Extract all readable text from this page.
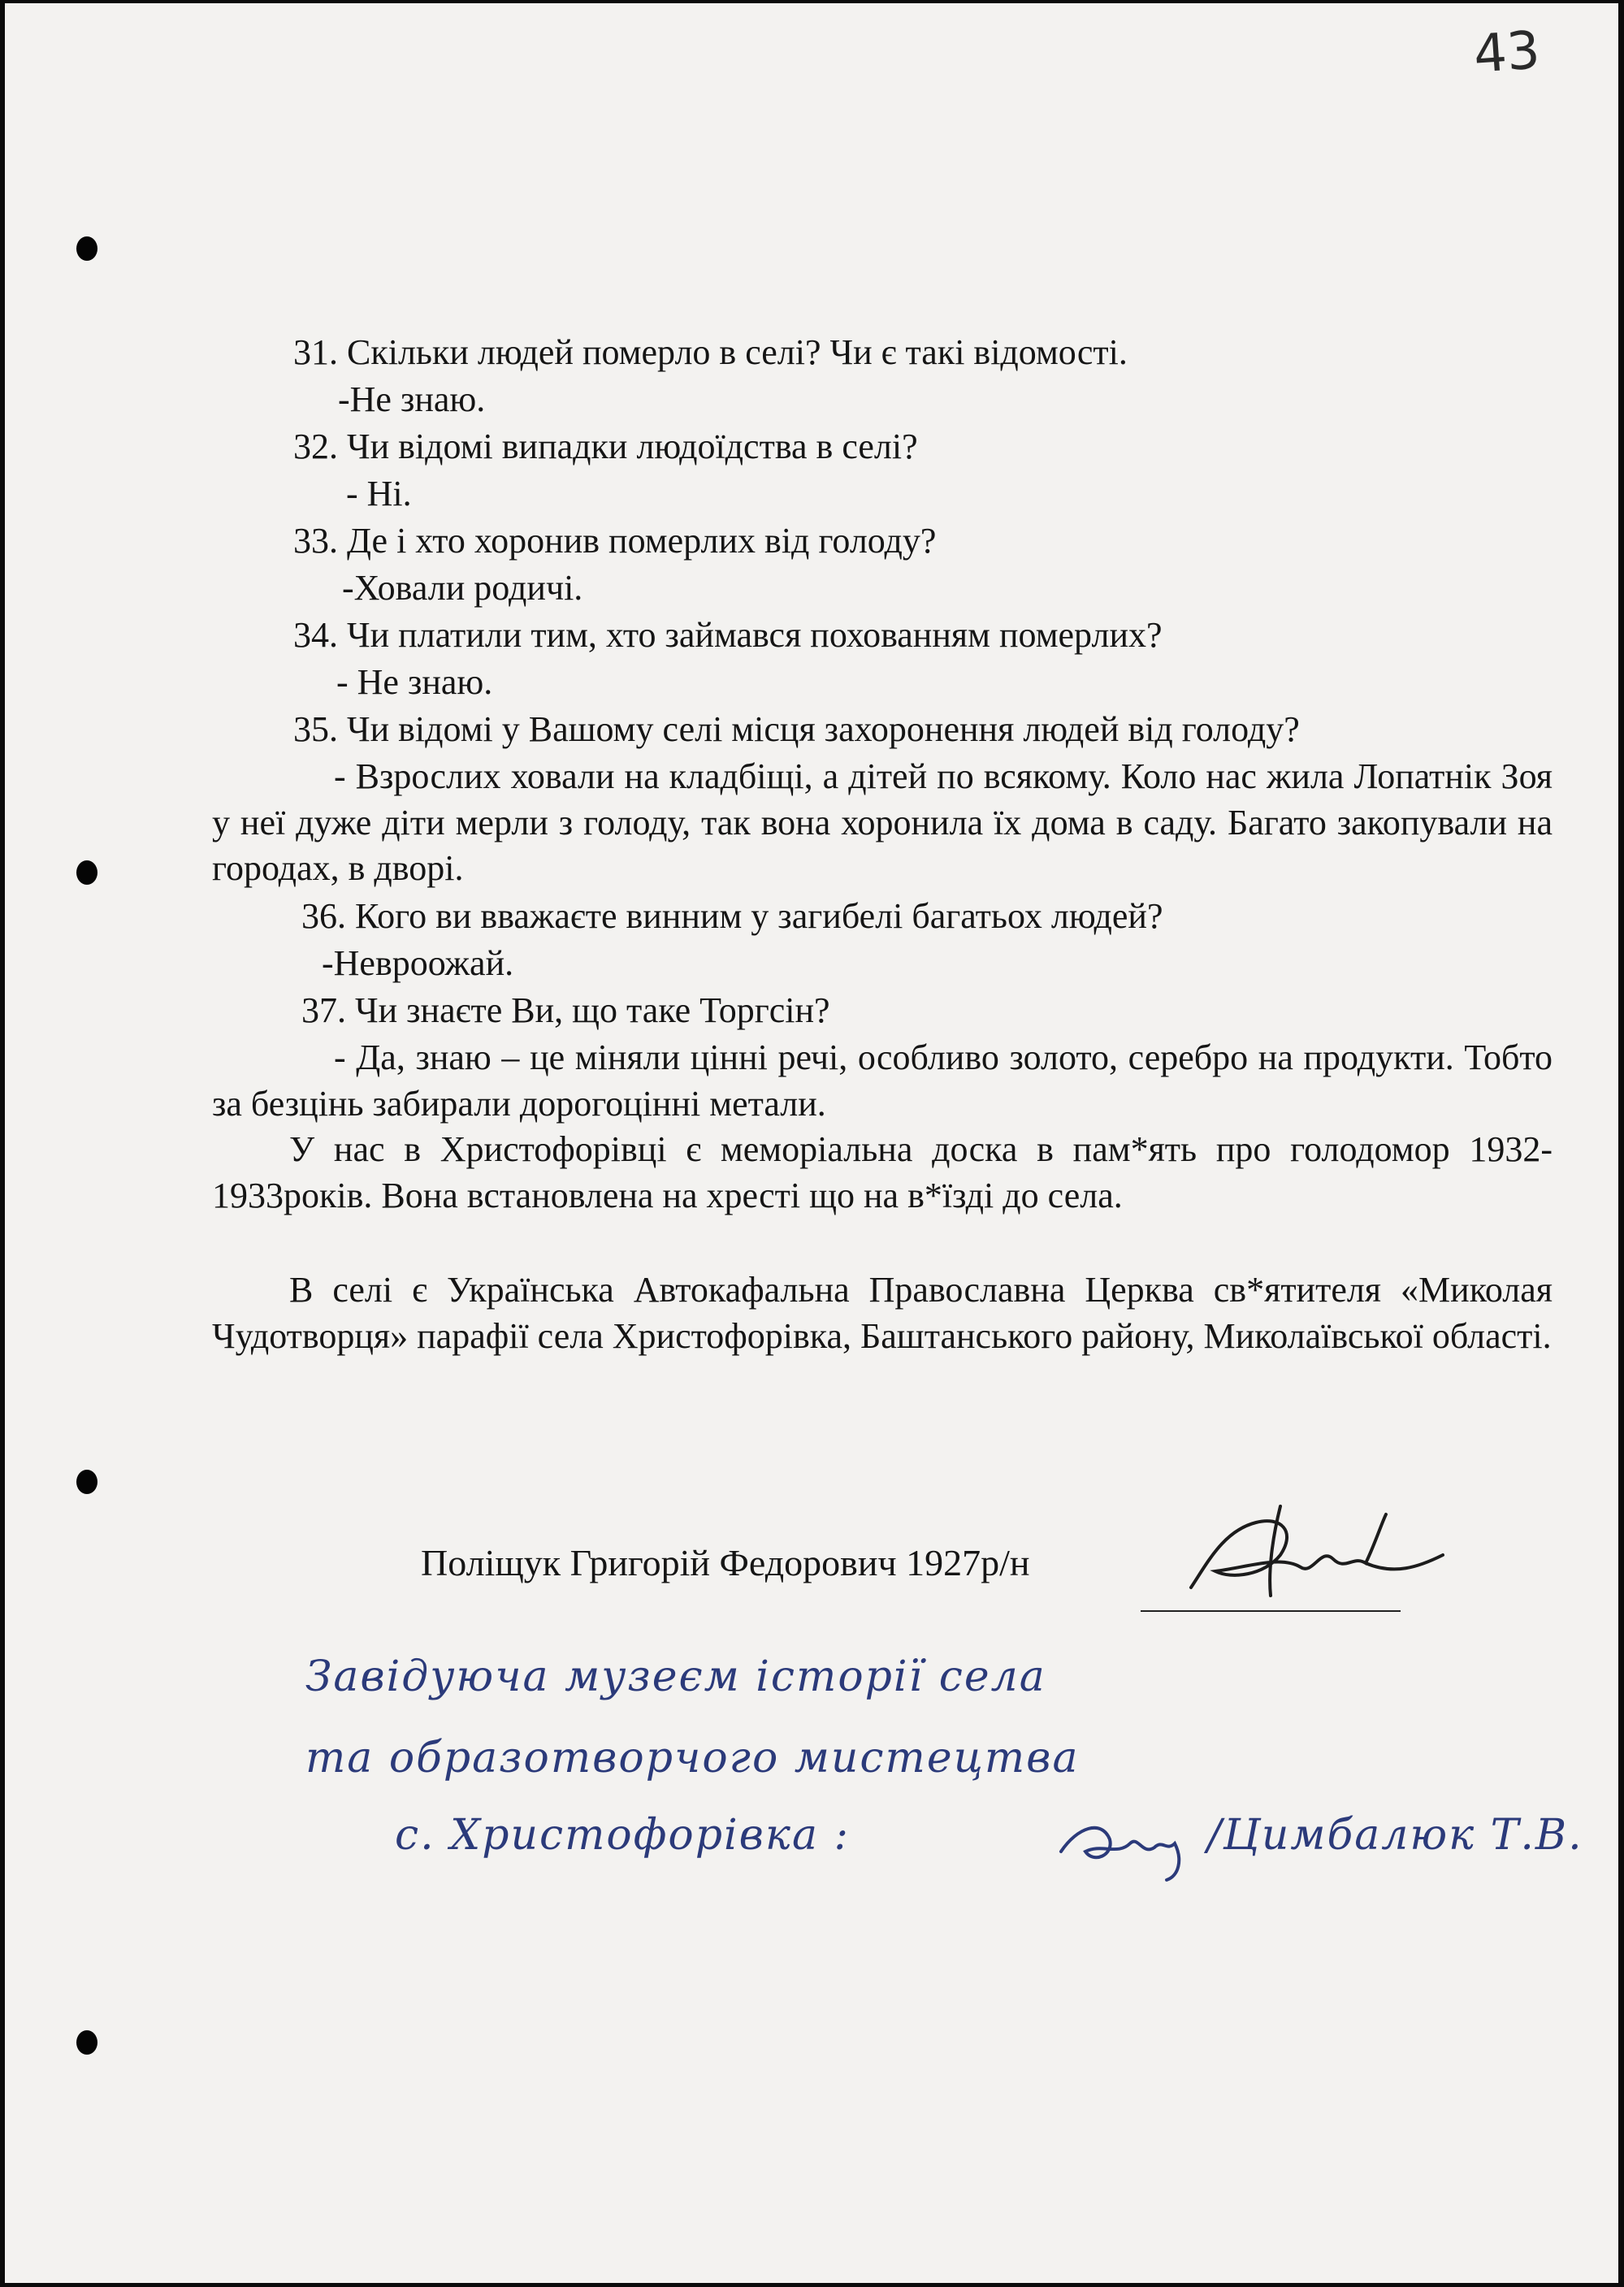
43
31. Скільки людей померло в селі? Чи є такі відомості.
-Не знаю.
32. Чи відомі випадки людоїдства в селі?
- Ні.
33. Де і хто хоронив померлих від голоду?
-Ховали родичі.
34. Чи платили тим, хто займався похованням померлих?
- Не знаю.
35. Чи відомі у Вашому селі місця захоронення людей від голоду?
- Взрослих ховали на кладбіщі, а дітей по всякому. Коло нас жила Лопатнік Зоя у неї дуже діти мерли з голоду, так вона хоронила їх дома в саду. Багато закопували на городах, в дворі.
36. Кого ви вважаєте винним у загибелі багатьох людей?
-Невроожай.
37. Чи знаєте Ви, що таке Торгсін?
- Да, знаю – це міняли цінні речі, особливо золото, серебро на продукти. Тобто за безцінь забирали дорогоцінні метали.
У нас в Христофорівці є меморіальна доска в пам*ять про голодомор 1932-1933років. Вона встановлена на хресті що на в*їзді до села.
В селі є Українська Автокафальна Православна Церква св*ятителя «Миколая Чудотворця» парафії села Христофорівка, Баштанського району, Миколаївської області.
Поліщук Григорій Федорович 1927р/н
Завідуюча музеєм історії села
та образотворчого мистецтва
с. Христофорівка :	/Цимбалюк Т.В.
